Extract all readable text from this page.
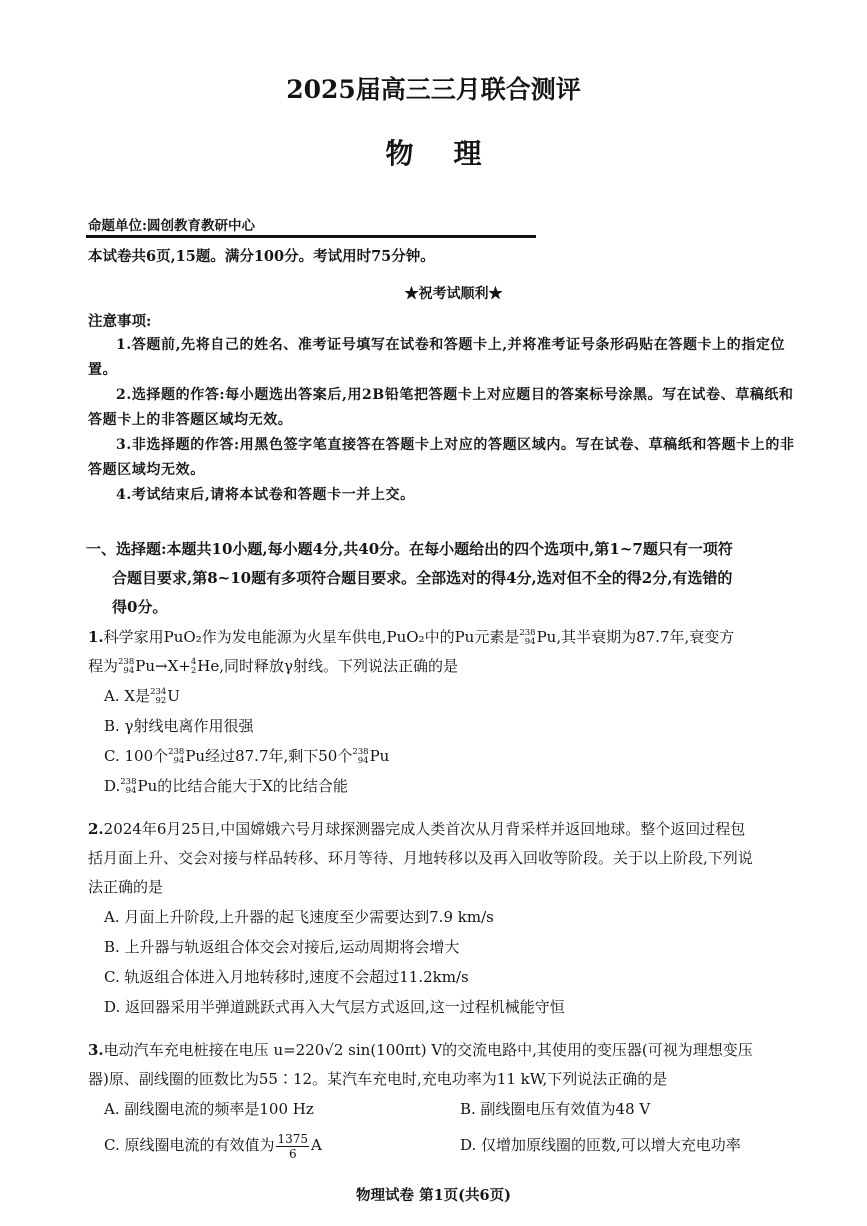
2025届高三三月联合测评
物理
命题单位:圆创教育教研中心
本试卷共6页,15题。满分100分。考试用时75分钟。
★祝考试顺利★
注意事项:

1.答题前,先将自己的姓名、准考证号填写在试卷和答题卡上,并将准考证号条形码贴在答题卡上的指定位置。

2.选择题的作答:每小题选出答案后,用2B铅笔把答题卡上对应题目的答案标号涂黑。写在试卷、草稿纸和答题卡上的非答题区域均无效。

3.非选择题的作答:用黑色签字笔直接答在答题卡上对应的答题区域内。写在试卷、草稿纸和答题卡上的非答题区域均无效。

4.考试结束后,请将本试卷和答题卡一并上交。

一、选择题:本题共10小题,每小题4分,共40分。在每小题给出的四个选项中,第1~7题只有一项符
合题目要求,第8~10题有多项符合题目要求。全部选对的得4分,选对但不全的得2分,有选错的
得0分。
1.科学家用PuO₂作为发电能源为火星车供电,PuO₂中的Pu元素是 238
94 Pu,其半衰期为87.7年,衰变方
程为 238
94 Pu→X+ 4
2 He,同时释放γ射线。下列说法正确的是
A. X是 234
92 U
B. γ射线电离作用很强
C. 100个 238
94 Pu经过87.7年,剩下50个 238
94 Pu
D. 238
94 Pu的比结合能大于X的比结合能
2.2024年6月25日,中国嫦娥六号月球探测器完成人类首次从月背采样并返回地球。整个返回过程包
括月面上升、交会对接与样品转移、环月等待、月地转移以及再入回收等阶段。关于以上阶段,下列说
法正确的是
A. 月面上升阶段,上升器的起飞速度至少需要达到7.9 km/s
B. 上升器与轨返组合体交会对接后,运动周期将会增大
C. 轨返组合体进入月地转移时,速度不会超过11.2km/s
D. 返回器采用半弹道跳跃式再入大气层方式返回,这一过程机械能守恒
3.电动汽车充电桩接在电压 u=220√2 sin(100πt) V的交流电路中,其使用的变压器(可视为理想变压
器)原、副线圈的匝数比为55∶12。某汽车充电时,充电功率为11 kW,下列说法正确的是
A. 副线圈电流的频率是100 Hz	B. 副线圈电压有效值为48 V
C. 原线圈电流的有效值为 $\frac{1375}{6}$ A	D. 仅增加原线圈的匝数,可以增大充电功率
物理试卷 第1页(共6页)
